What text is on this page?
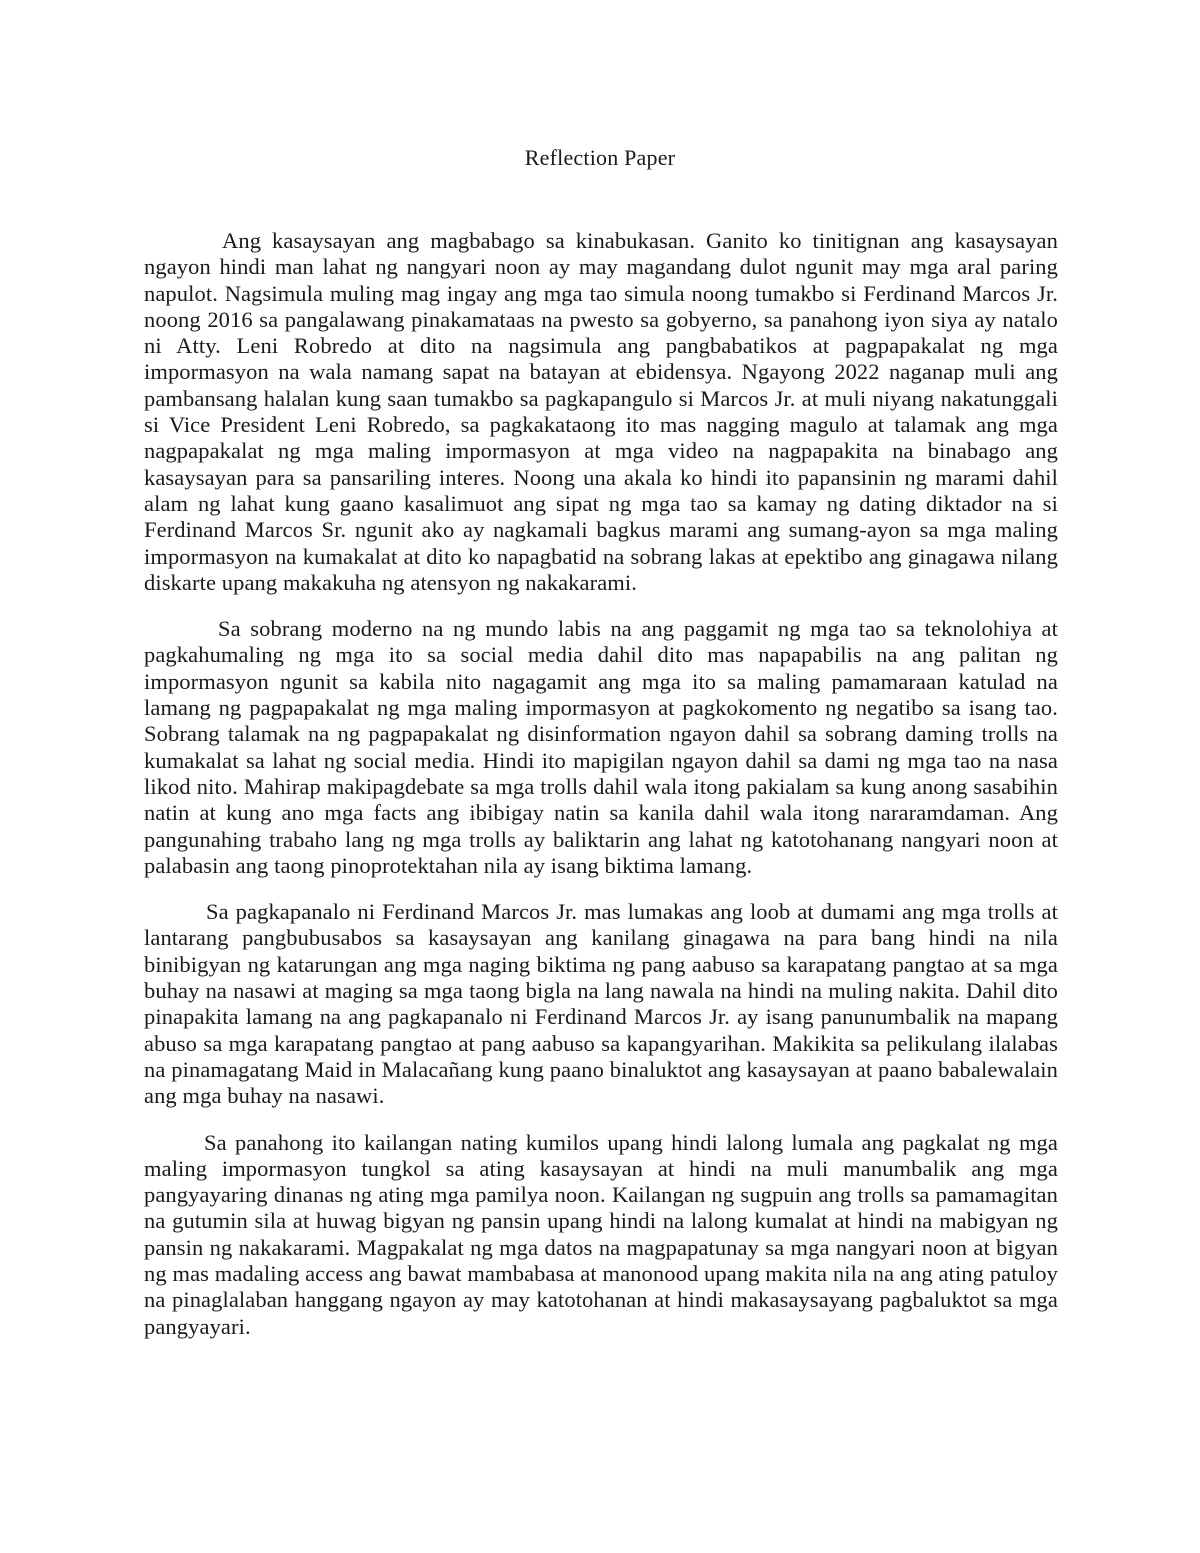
Reflection Paper

Ang kasaysayan ang magbabago sa kinabukasan. Ganito ko tinitignan ang kasaysayan ngayon hindi man lahat ng nangyari noon ay may magandang dulot ngunit may mga aral paring napulot. Nagsimula muling mag ingay ang mga tao simula noong tumakbo si Ferdinand Marcos Jr. noong 2016 sa pangalawang pinakamataas na pwesto sa gobyerno, sa panahong iyon siya ay natalo ni Atty. Leni Robredo at dito na nagsimula ang pangbabatikos at pagpapakalat ng mga impormasyon na wala namang sapat na batayan at ebidensya. Ngayong 2022 naganap muli ang pambansang halalan kung saan tumakbo sa pagkapangulo si Marcos Jr. at muli niyang nakatunggali si Vice President Leni Robredo, sa pagkakataong ito mas nagging magulo at talamak ang mga nagpapakalat ng mga maling impormasyon at mga video na nagpapakita na binabago ang kasaysayan para sa pansariling interes. Noong una akala ko hindi ito papansinin ng marami dahil alam ng lahat kung gaano kasalimuot ang sipat ng mga tao sa kamay ng dating diktador na si Ferdinand Marcos Sr. ngunit ako ay nagkamali bagkus marami ang sumang-ayon sa mga maling impormasyon na kumakalat at dito ko napagbatid na sobrang lakas at epektibo ang ginagawa nilang diskarte upang makakuha ng atensyon ng nakakarami.

Sa sobrang moderno na ng mundo labis na ang paggamit ng mga tao sa teknolohiya at pagkahumaling ng mga ito sa social media dahil dito mas napapabilis na ang palitan ng impormasyon ngunit sa kabila nito nagagamit ang mga ito sa maling pamamaraan katulad na lamang ng pagpapakalat ng mga maling impormasyon at pagkokomento ng negatibo sa isang tao. Sobrang talamak na ng pagpapakalat ng disinformation ngayon dahil sa sobrang daming trolls na kumakalat sa lahat ng social media. Hindi ito mapigilan ngayon dahil sa dami ng mga tao na nasa likod nito. Mahirap makipagdebate sa mga trolls dahil wala itong pakialam sa kung anong sasabihin natin at kung ano mga facts ang ibibigay natin sa kanila dahil wala itong nararamdaman. Ang pangunahing trabaho lang ng mga trolls ay baliktarin ang lahat ng katotohanang nangyari noon at palabasin ang taong pinoprotektahan nila ay isang biktima lamang.

Sa pagkapanalo ni Ferdinand Marcos Jr. mas lumakas ang loob at dumami ang mga trolls at lantarang pangbubusabos sa kasaysayan ang kanilang ginagawa na para bang hindi na nila binibigyan ng katarungan ang mga naging biktima ng pang aabuso sa karapatang pangtao at sa mga buhay na nasawi at maging sa mga taong bigla na lang nawala na hindi na muling nakita. Dahil dito pinapakita lamang na ang pagkapanalo ni Ferdinand Marcos Jr. ay isang panunumbalik na mapang abuso sa mga karapatang pangtao at pang aabuso sa kapangyarihan. Makikita sa pelikulang ilalabas na pinamagatang Maid in Malacañang kung paano binaluktot ang kasaysayan at paano babalewalain ang mga buhay na nasawi.

Sa panahong ito kailangan nating kumilos upang hindi lalong lumala ang pagkalat ng mga maling impormasyon tungkol sa ating kasaysayan at hindi na muli manumbalik ang mga pangyayaring dinanas ng ating mga pamilya noon. Kailangan ng sugpuin ang trolls sa pamamagitan na gutumin sila at huwag bigyan ng pansin upang hindi na lalong kumalat at hindi na mabigyan ng pansin ng nakakarami. Magpakalat ng mga datos na magpapatunay sa mga nangyari noon at bigyan ng mas madaling access ang bawat mambabasa at manonood upang makita nila na ang ating patuloy na pinaglalaban hanggang ngayon ay may katotohanan at hindi makasaysayang pagbaluktot sa mga pangyayari.
